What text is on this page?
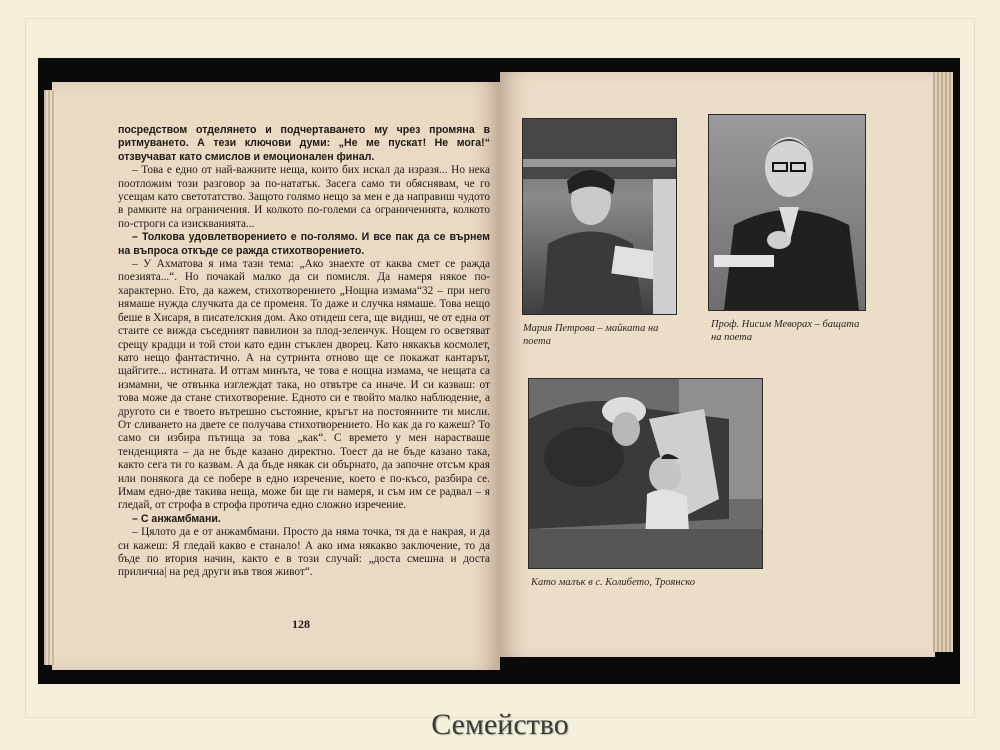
посредством отделянето и подчертаването му чрез промяна в ритмуването. А тези ключови думи: „Не ме пускат! Не мога!“ отзвучават като смислов и емоционален финал.

– Това е едно от най-важните неща, които бих искал да изразя... Но нека поотложим този разговор за по-нататък. Засега само ти обяснявам, че го усещам като светотатство. Защото голямо нещо за мен е да направиш чудото в рамките на ограничения. И колкото по-големи са ограниченията, колкото по-строги са изискванията...

– Толкова удовлетворението е по-голямо. И все пак да се върнем на въпроса откъде се ражда стихотворението.

– У Ахматова я има тази тема: „Ако знаехте от каква смет се ражда поезията...“. Но почакай малко да си помисля. Да намеря някое по-характерно. Ето, да кажем, стихотворението „Нощна измама“32 – при него нямаше нужда случката да се променя. То даже и случка нямаше. Това нещо беше в Хисаря, в писателския дом. Ако отидеш сега, ще видиш, че от една от стаите се вижда съседният павилион за плод-зеленчук. Нощем го осветяват срещу крадци и той стои като един стъклен дворец. Като някакъв космолет, като нещо фантастично. А на сутринта отново ще се покажат кантарът, щайгите... истината. И оттам минъта, че това е нощна измама, че нещата са измамни, че отвънка изглеждат така, но отвътре са иначе. И си казваш: от това може да стане стихотворение. Едното си е твойто малко наблюдение, а другото си е твоето вътрешно състояние, кръгът на постоянните ти мисли. От сливането на двете се получава стихотворението. Но как да го кажеш? То само си избира пътища за това „как“. С времето у мен нарастваше тенденцията – да не бъде казано директно. Тоест да не бъде казано така, както сега ти го казвам. А да бъде някак си обърнато, да започне отсъм края или понякога да се побере в едно изречение, което е по-късо, разбира се. Имам едно-две такива неща, може би ще ги намеря, и съм им се радвал – я гледай, от строфа в строфа протича едно сложно изречение.

– С анжамбмани.

– Цялото да е от анжамбмани. Просто да няма точка, тя да е накрая, и да си кажеш: Я гледай какво е станало! А ако има някакво заключение, то да бъде по втория начин, както е в този случай: „доста смешна и доста прилична| на ред други във твоя живот“.

128
Мария Петрова – майката на поета
Проф. Нисим Меворах – бащата на поета
Като малък в с. Колибето, Троянско
Семейство
